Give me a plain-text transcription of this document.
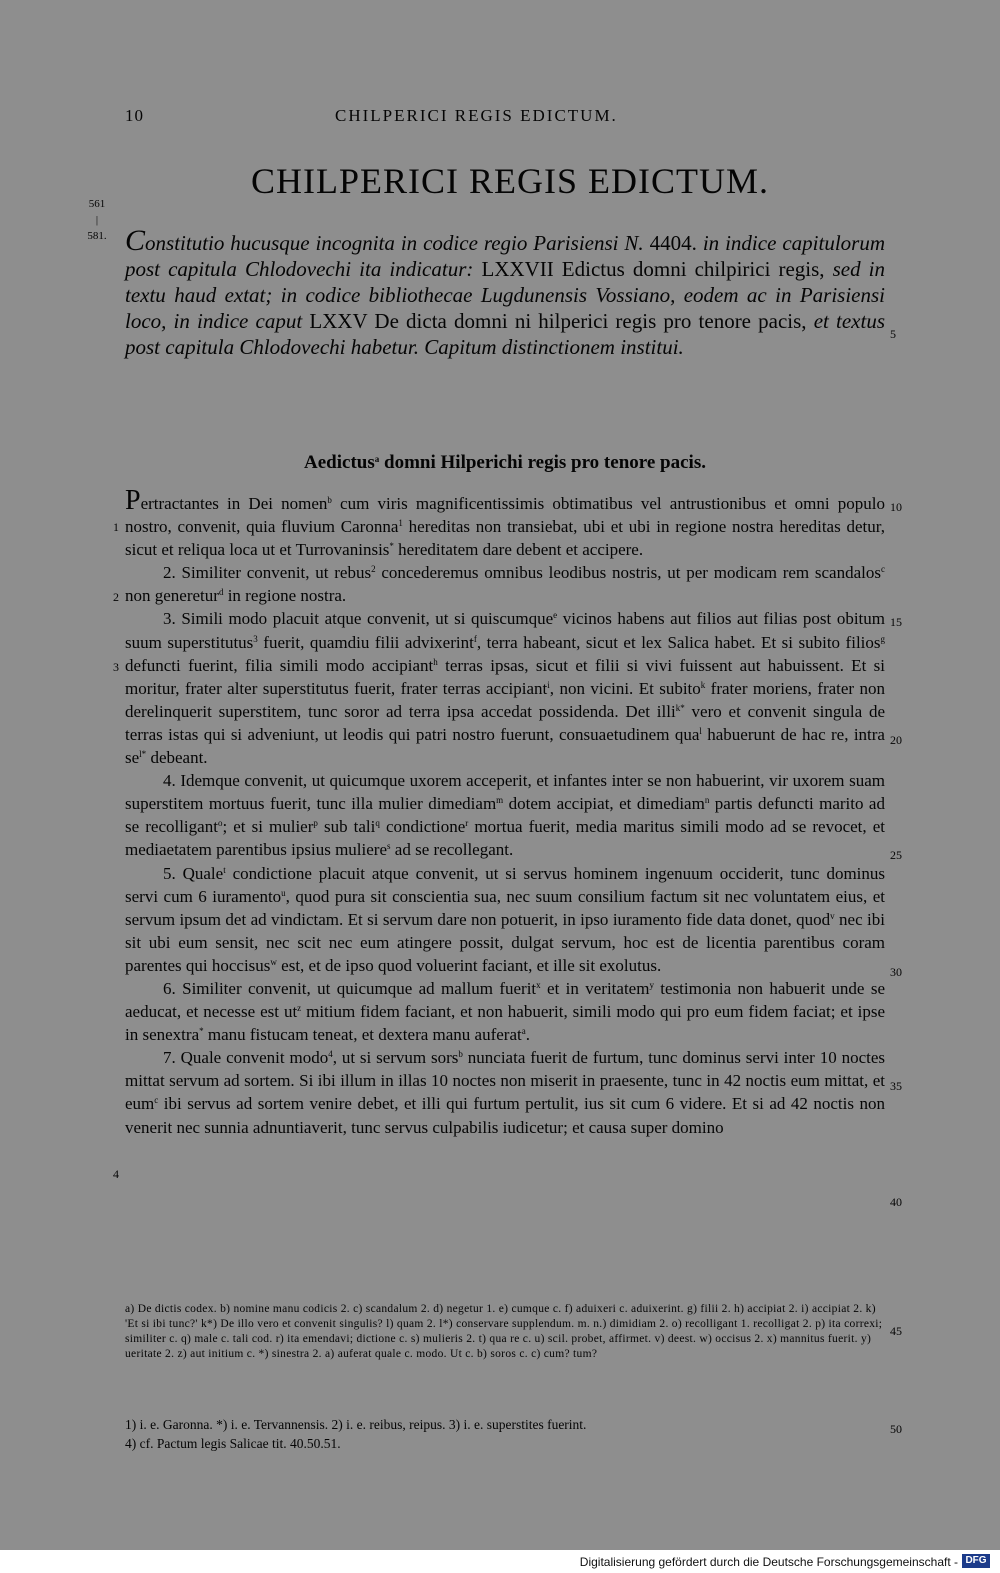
10	CHILPERICI REGIS EDICTUM.
CHILPERICI REGIS EDICTUM.
561
|
581. Constitutio hucusque incognita in codice regio Parisiensi N. 4404. in indice capitulorum post capitula Chlodovechi ita indicatur: LXXVII Edictus domni chilpirici regis, sed in textu haud extat; in codice bibliothecae Lugdunensis Vossiano, eodem ac in Parisiensi loco, in indice caput LXXV De dicta domni ni hilperici regis pro tenore pacis, et textus post capitula Chlodovechi habetur. Capitum distinctionem institui.

Aedictus$^a$ domni Hilperichi regis pro tenore pacis.

Pertractantes in Dei nomen$^b$ cum viris magnificentissimis obtimatibus vel antrustionibus et omni populo nostro, convenit, quia fluvium Caronna$^1$ hereditas non transiebat, ubi et ubi in regione nostra hereditas detur, sicut et reliqua loca ut et Turrovaninsis* hereditatem dare debent et accipere.

2. Similiter convenit, ut rebus$^2$ concederemus omnibus leodibus nostris, ut per modicam rem scandalos$^c$ non generetur$^d$ in regione nostra.

3. Simili modo placuit atque convenit, ut si quiscumque$^e$ vicinos habens aut filios aut filias post obitum suum superstitutus$^3$ fuerit, quamdiu filii advixerint$^f$, terra habeant, sicut et lex Salica habet. Et si subito filios$^g$ defuncti fuerint, filia simili modo accipiant$^h$ terras ipsas, sicut et filii si vivi fuissent aut habuissent. Et si moritur, frater alter superstitutus fuerit, frater terras accipiant$^i$, non vicini. Et subito$^k$ frater moriens, frater non derelinquerit superstitem, tunc soror ad terra ipsa accedat possidenda. Det illi$^{k*}$ vero et convenit singula de terras istas qui si adveniunt, ut leodis qui patri nostro fuerunt, consuaetudinem qua$^l$ habuerunt de hac re, intra $se^{l*}$ debeant.

4. Idemque convenit, ut quicumque uxorem acceperit, et infantes inter se non habuerint, vir uxorem suam superstitem mortuus fuerit, tunc illa mulier dimediam$^m$ dotem accipiat, et dimediam$^n$ partis defuncti marito ad se recolligant$^o$; et si mulier$^p$ sub tali$^q$ condictione$^r$ mortua fuerit, media maritus simili modo ad se revocet, et mediaetatem parentibus ipsius muliere$^s$ ad se recollegant.

5. Quale$^t$ condictione placuit atque convenit, ut si servus hominem ingenuum occiderit, tunc dominus servi cum 6 iuramento$^u$, quod pura sit conscientia sua, nec suum consilium factum sit nec voluntatem eius, et servum ipsum det ad vindictam. Et si servum dare non potuerit, in ipso iuramento fide data donet, quod$^v$ nec ibi sit ubi eum sensit, nec scit nec eum atingere possit, dulgat servum, hoc est de licentia parentibus coram parentes qui hoccisus$^w$ est, et de ipso quod voluerint faciant, et ille sit exolutus.

6. Similiter convenit, ut quicumque ad mallum fuerit$^x$ et in veritatem$^y$ testimonia non habuerit unde se aeducat, et necesse est $ut^z$ mitium fidem faciant, et non habuerit, simili modo qui pro eum fidem faciat; et ipse in senextra* manu fistucam teneat, et dextera manu auferat$^a$.

7. Quale convenit modo$^4$, ut si servum sors$^b$ nunciata fuerit de furtum, tunc dominus servi inter 10 noctes mittat servum ad sortem. Si ibi illum in illas 10 noctes non miserit in praesente, tunc in 42 noctis eum mittat, et eum$^c$ ibi servus ad sortem venire debet, et illi qui furtum pertulit, ius sit cum 6 videre. Et si ad 42 noctis non venerit nec sunnia adnuntiaverit, tunc servus culpabilis iudicetur; et causa super domino

5
10
15
20
25
30
35
40
45
50
1
2
3
4

a) De dictis codex. b) nomine manu codicis 2. c) scandalum 2. d) negetur 1. e) cumque c. f) aduixeri c. aduixerint. g) filii 2. h) accipiat 2. i) accipiat 2. k) 'Et si ibi tunc?' k*) De illo vero et convenit singulis? l) quam 2. l*) conservare supplendum. m. n.) dimidiam 2. o) recolligant 1. recolligat 2. p) ita correxi; similiter c. q) male c. tali cod. r) ita emendavi; dictione c. s) mulieris 2. t) qua re c. u) scil. probet, affirmet. v) deest. w) occisus 2. x) mannitus fuerit. y) ueritate 2. z) aut initium c. *) sinestra 2. a) auferat quale c. modo. Ut c. b) soros c. c) cum? tum?

1) i. e. Garonna. *) i. e. Tervannensis. 2) i. e. reibus, reipus. 3) i. e. superstites fuerint.
4) cf. Pactum legis Salicae tit. 40.50.51.
Digitalisierung gefördert durch die Deutsche Forschungsgemeinschaft - DFG
